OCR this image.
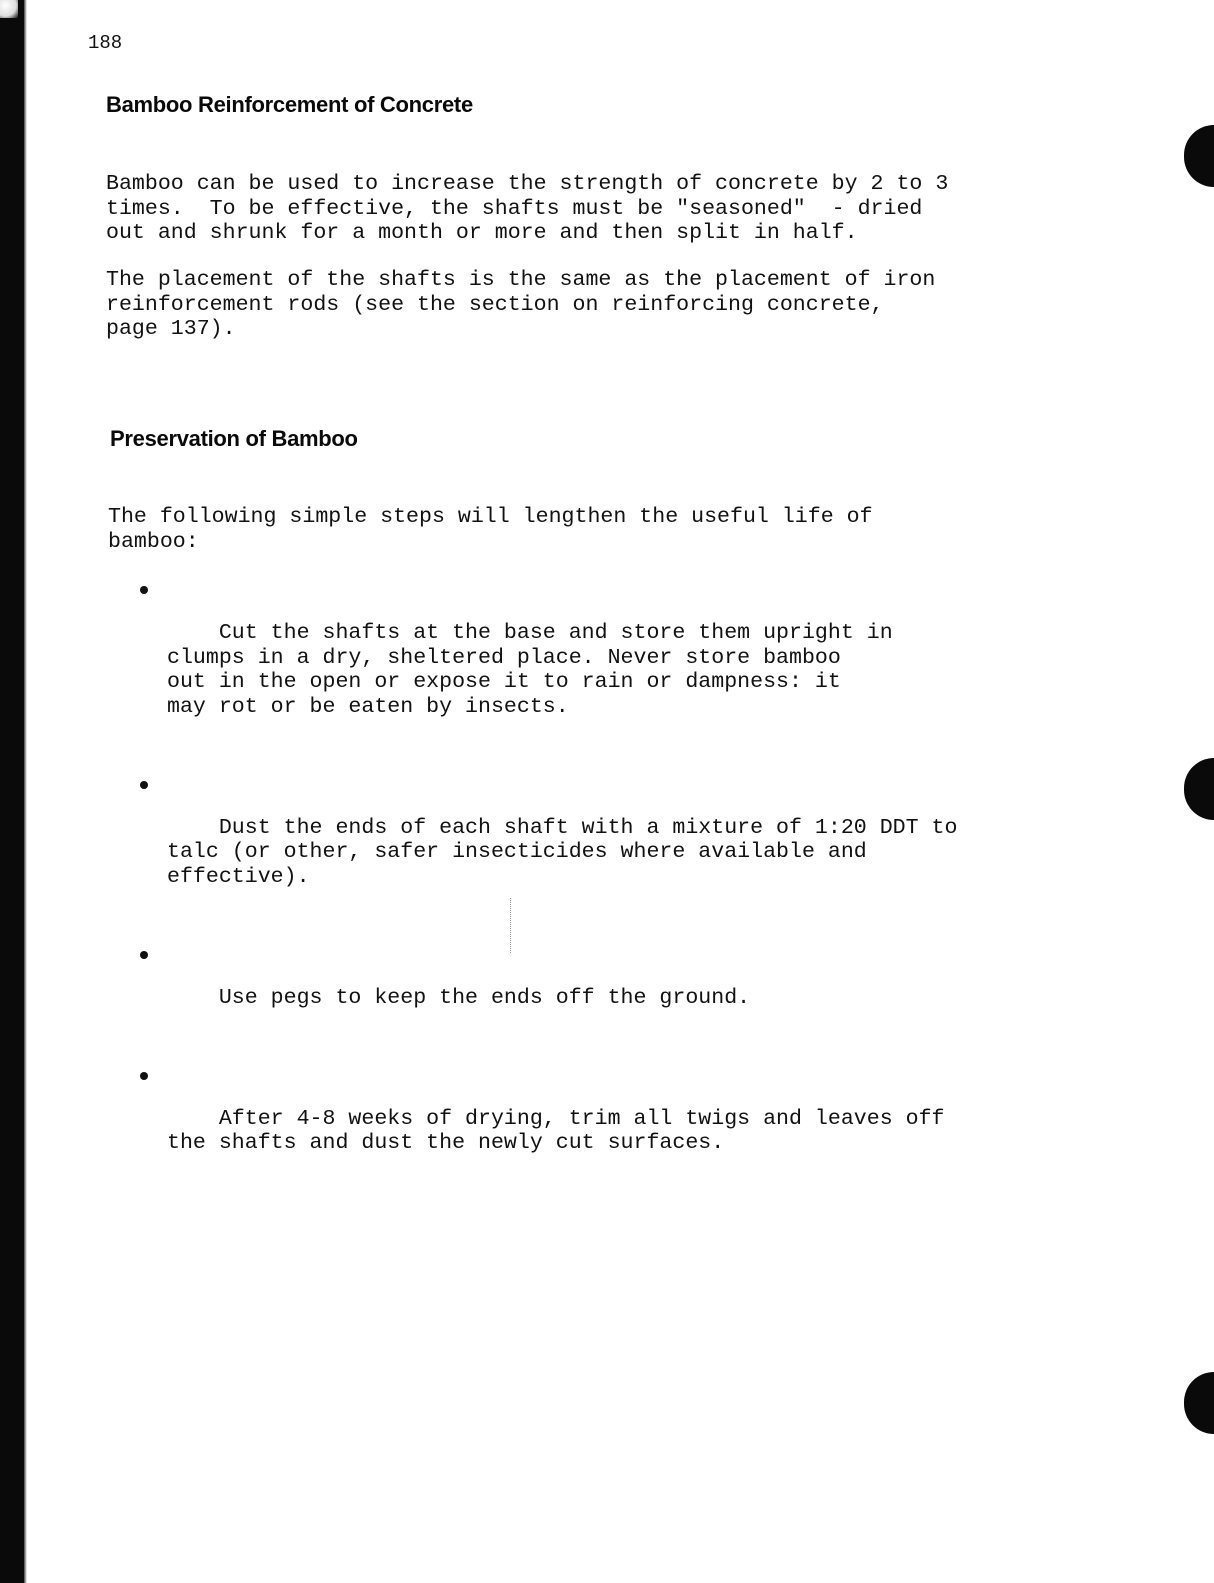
188
Bamboo Reinforcement of Concrete

Bamboo can be used to increase the strength of concrete by 2 to 3
times.  To be effective, the shafts must be "seasoned"  - dried
out and shrunk for a month or more and then split in half.

The placement of the shafts is the same as the placement of iron
reinforcement rods (see the section on reinforcing concrete,
page 137).

Preservation of Bamboo

The following simple steps will lengthen the useful life of
bamboo:

Cut the shafts at the base and store them upright in
clumps in a dry, sheltered place. Never store bamboo
out in the open or expose it to rain or dampness: it
may rot or be eaten by insects.

Dust the ends of each shaft with a mixture of 1:20 DDT to
talc (or other, safer insecticides where available and
effective).

Use pegs to keep the ends off the ground.

After 4-8 weeks of drying, trim all twigs and leaves off
the shafts and dust the newly cut surfaces.
